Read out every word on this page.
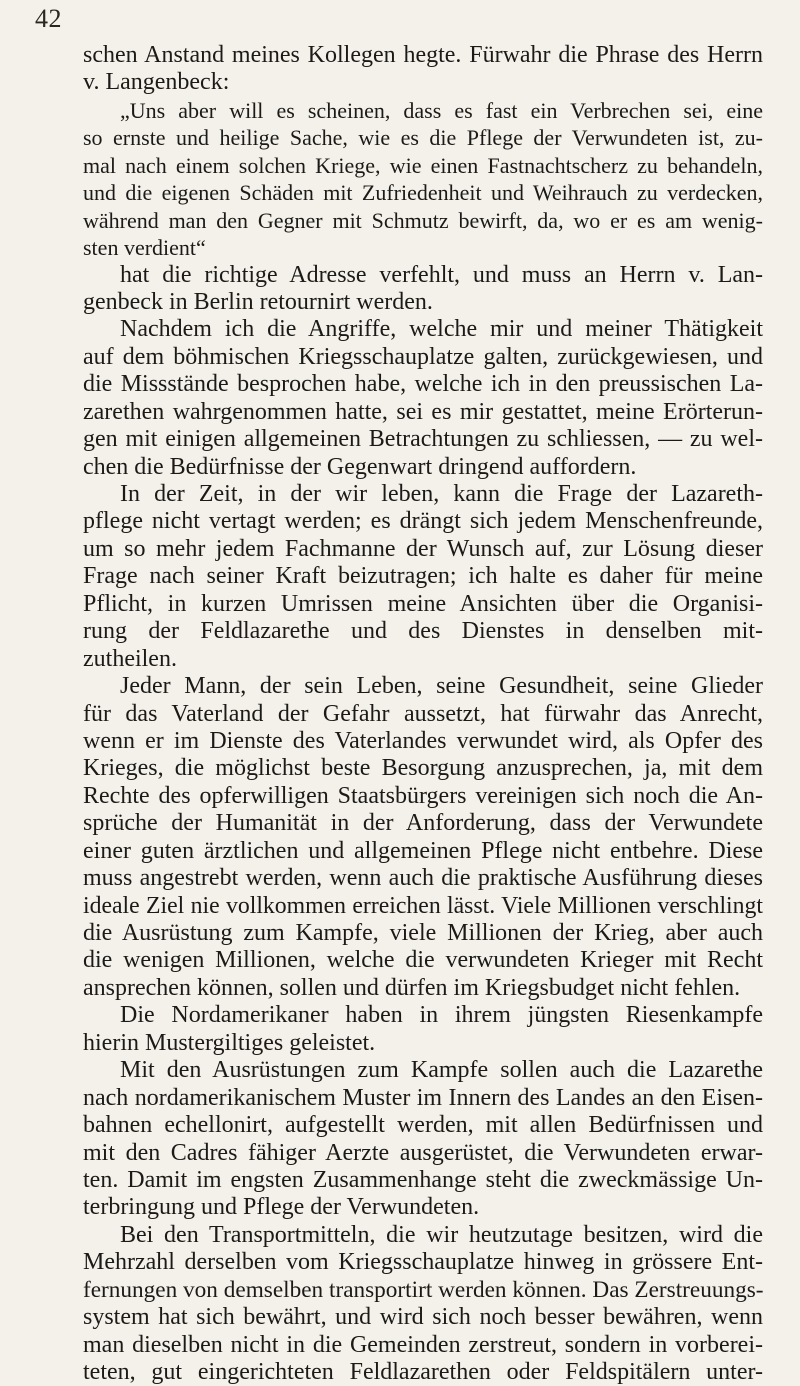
42
schen Anstand meines Kollegen hegte. Fürwahr die Phrase des Herrn
v. Langenbeck:
„Uns aber will es scheinen, dass es fast ein Verbrechen sei, eine
so ernste und heilige Sache, wie es die Pflege der Verwundeten ist, zu-
mal nach einem solchen Kriege, wie einen Fastnachtscherz zu behandeln,
und die eigenen Schäden mit Zufriedenheit und Weihrauch zu verdecken,
während man den Gegner mit Schmutz bewirft, da, wo er es am wenig-
sten verdient“
hat die richtige Adresse verfehlt, und muss an Herrn v. Lan-
genbeck in Berlin retournirt werden.
Nachdem ich die Angriffe, welche mir und meiner Thätigkeit
auf dem böhmischen Kriegsschauplatze galten, zurückgewiesen, und
die Missstände besprochen habe, welche ich in den preussischen La-
zarethen wahrgenommen hatte, sei es mir gestattet, meine Erörterun-
gen mit einigen allgemeinen Betrachtungen zu schliessen, — zu wel-
chen die Bedürfnisse der Gegenwart dringend auffordern.
In der Zeit, in der wir leben, kann die Frage der Lazareth-
pflege nicht vertagt werden; es drängt sich jedem Menschenfreunde,
um so mehr jedem Fachmanne der Wunsch auf, zur Lösung dieser
Frage nach seiner Kraft beizutragen; ich halte es daher für meine
Pflicht, in kurzen Umrissen meine Ansichten über die Organisi-
rung der Feldlazarethe und des Dienstes in denselben mit-
zutheilen.
Jeder Mann, der sein Leben, seine Gesundheit, seine Glieder
für das Vaterland der Gefahr aussetzt, hat fürwahr das Anrecht,
wenn er im Dienste des Vaterlandes verwundet wird, als Opfer des
Krieges, die möglichst beste Besorgung anzusprechen, ja, mit dem
Rechte des opferwilligen Staatsbürgers vereinigen sich noch die An-
sprüche der Humanität in der Anforderung, dass der Verwundete
einer guten ärztlichen und allgemeinen Pflege nicht entbehre. Diese
muss angestrebt werden, wenn auch die praktische Ausführung dieses
ideale Ziel nie vollkommen erreichen lässt. Viele Millionen verschlingt
die Ausrüstung zum Kampfe, viele Millionen der Krieg, aber auch
die wenigen Millionen, welche die verwundeten Krieger mit Recht
ansprechen können, sollen und dürfen im Kriegsbudget nicht fehlen.
Die Nordamerikaner haben in ihrem jüngsten Riesenkampfe
hierin Mustergiltiges geleistet.
Mit den Ausrüstungen zum Kampfe sollen auch die Lazarethe
nach nordamerikanischem Muster im Innern des Landes an den Eisen-
bahnen echellonirt, aufgestellt werden, mit allen Bedürfnissen und
mit den Cadres fähiger Aerzte ausgerüstet, die Verwundeten erwar-
ten. Damit im engsten Zusammenhange steht die zweckmässige Un-
terbringung und Pflege der Verwundeten.
Bei den Transportmitteln, die wir heutzutage besitzen, wird die
Mehrzahl derselben vom Kriegsschauplatze hinweg in grössere Ent-
fernungen von demselben transportirt werden können. Das Zerstreuungs-
system hat sich bewährt, und wird sich noch besser bewähren, wenn
man dieselben nicht in die Gemeinden zerstreut, sondern in vorberei-
teten, gut eingerichteten Feldlazarethen oder Feldspitälern unter-
